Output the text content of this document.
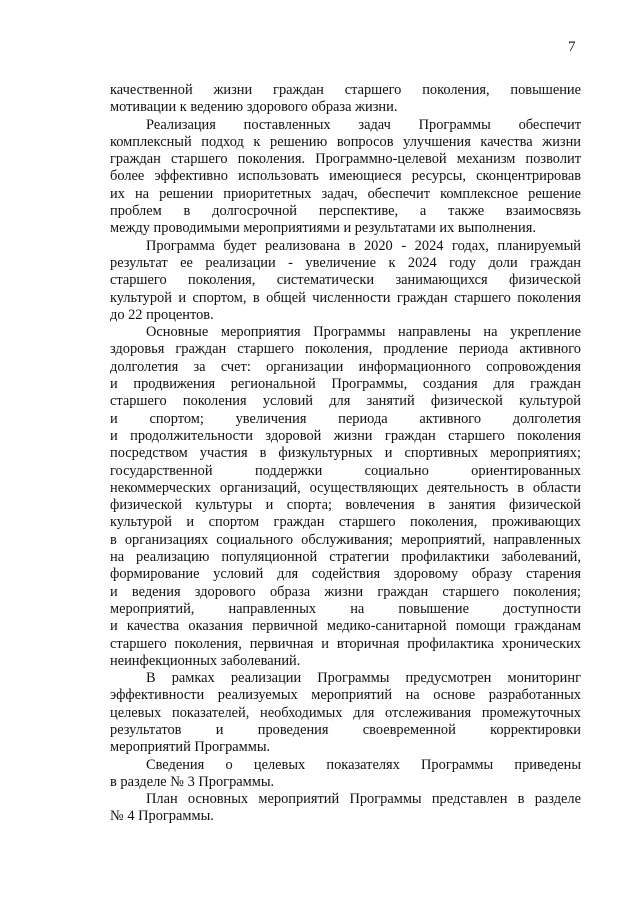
7
качественной жизни граждан старшего поколения, повышение
мотивации к ведению здорового образа жизни.
Реализация поставленных задач Программы обеспечит
комплексный подход к решению вопросов улучшения качества жизни
граждан старшего поколения. Программно-целевой механизм позволит
более эффективно использовать имеющиеся ресурсы, сконцентрировав
их на решении приоритетных задач, обеспечит комплексное решение
проблем в долгосрочной перспективе, а также взаимосвязь
между проводимыми мероприятиями и результатами их выполнения.
Программа будет реализована в 2020 - 2024 годах, планируемый
результат ее реализации - увеличение к 2024 году доли граждан
старшего поколения, систематически занимающихся физической
культурой и спортом, в общей численности граждан старшего поколения
до 22 процентов.
Основные мероприятия Программы направлены на укрепление
здоровья граждан старшего поколения, продление периода активного
долголетия за счет: организации информационного сопровождения
и продвижения региональной Программы, создания для граждан
старшего поколения условий для занятий физической культурой
и спортом; увеличения периода активного долголетия
и продолжительности здоровой жизни граждан старшего поколения
посредством участия в физкультурных и спортивных мероприятиях;
государственной поддержки социально ориентированных
некоммерческих организаций, осуществляющих деятельность в области
физической культуры и спорта; вовлечения в занятия физической
культурой и спортом граждан старшего поколения, проживающих
в организациях социального обслуживания; мероприятий, направленных
на реализацию популяционной стратегии профилактики заболеваний,
формирование условий для содействия здоровому образу старения
и ведения здорового образа жизни граждан старшего поколения;
мероприятий, направленных на повышение доступности
и качества оказания первичной медико-санитарной помощи гражданам
старшего поколения, первичная и вторичная профилактика хронических
неинфекционных заболеваний.
В рамках реализации Программы предусмотрен мониторинг
эффективности реализуемых мероприятий на основе разработанных
целевых показателей, необходимых для отслеживания промежуточных
результатов и проведения своевременной корректировки
мероприятий Программы.
Сведения о целевых показателях Программы приведены
в разделе № 3 Программы.
План основных мероприятий Программы представлен в разделе
№ 4 Программы.
